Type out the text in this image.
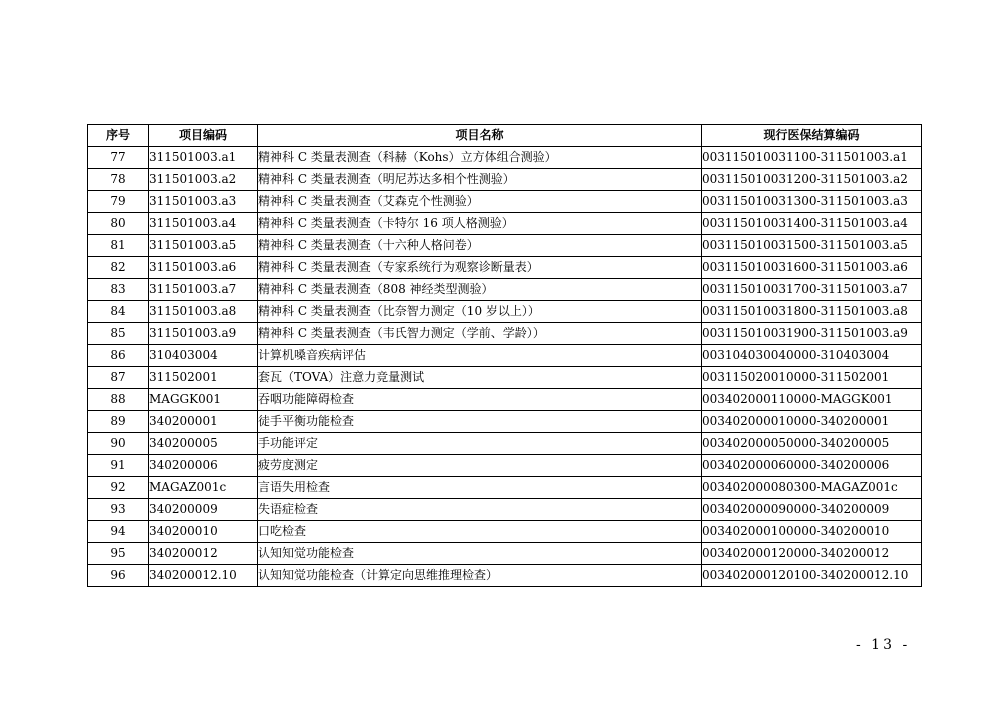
序号	项目编码	项目名称	现行医保结算编码
77	311501003.a1	精神科 C 类量表测查（科赫（Kohs）立方体组合测验）	003115010031100-311501003.a1
78	311501003.a2	精神科 C 类量表测查（明尼苏达多相个性测验）	003115010031200-311501003.a2
79	311501003.a3	精神科 C 类量表测查（艾森克个性测验）	003115010031300-311501003.a3
80	311501003.a4	精神科 C 类量表测查（卡特尔 16 项人格测验）	003115010031400-311501003.a4
81	311501003.a5	精神科 C 类量表测查（十六种人格问卷）	003115010031500-311501003.a5
82	311501003.a6	精神科 C 类量表测查（专家系统行为观察诊断量表）	003115010031600-311501003.a6
83	311501003.a7	精神科 C 类量表测查（808 神经类型测验）	003115010031700-311501003.a7
84	311501003.a8	精神科 C 类量表测查（比奈智力测定（10 岁以上））	003115010031800-311501003.a8
85	311501003.a9	精神科 C 类量表测查（韦氏智力测定（学前、学龄））	003115010031900-311501003.a9
86	310403004	计算机嗓音疾病评估	003104030040000-310403004
87	311502001	套瓦（TOVA）注意力竞量测试	003115020010000-311502001
88	MAGGK001	吞咽功能障碍检查	003402000110000-MAGGK001
89	340200001	徒手平衡功能检查	003402000010000-340200001
90	340200005	手功能评定	003402000050000-340200005
91	340200006	疲劳度测定	003402000060000-340200006
92	MAGAZ001c	言语失用检查	003402000080300-MAGAZ001c
93	340200009	失语症检查	003402000090000-340200009
94	340200010	口吃检查	003402000100000-340200010
95	340200012	认知知觉功能检查	003402000120000-340200012
96	340200012.10	认知知觉功能检查（计算定向思维推理检查）	003402000120100-340200012.10
- 13 -
